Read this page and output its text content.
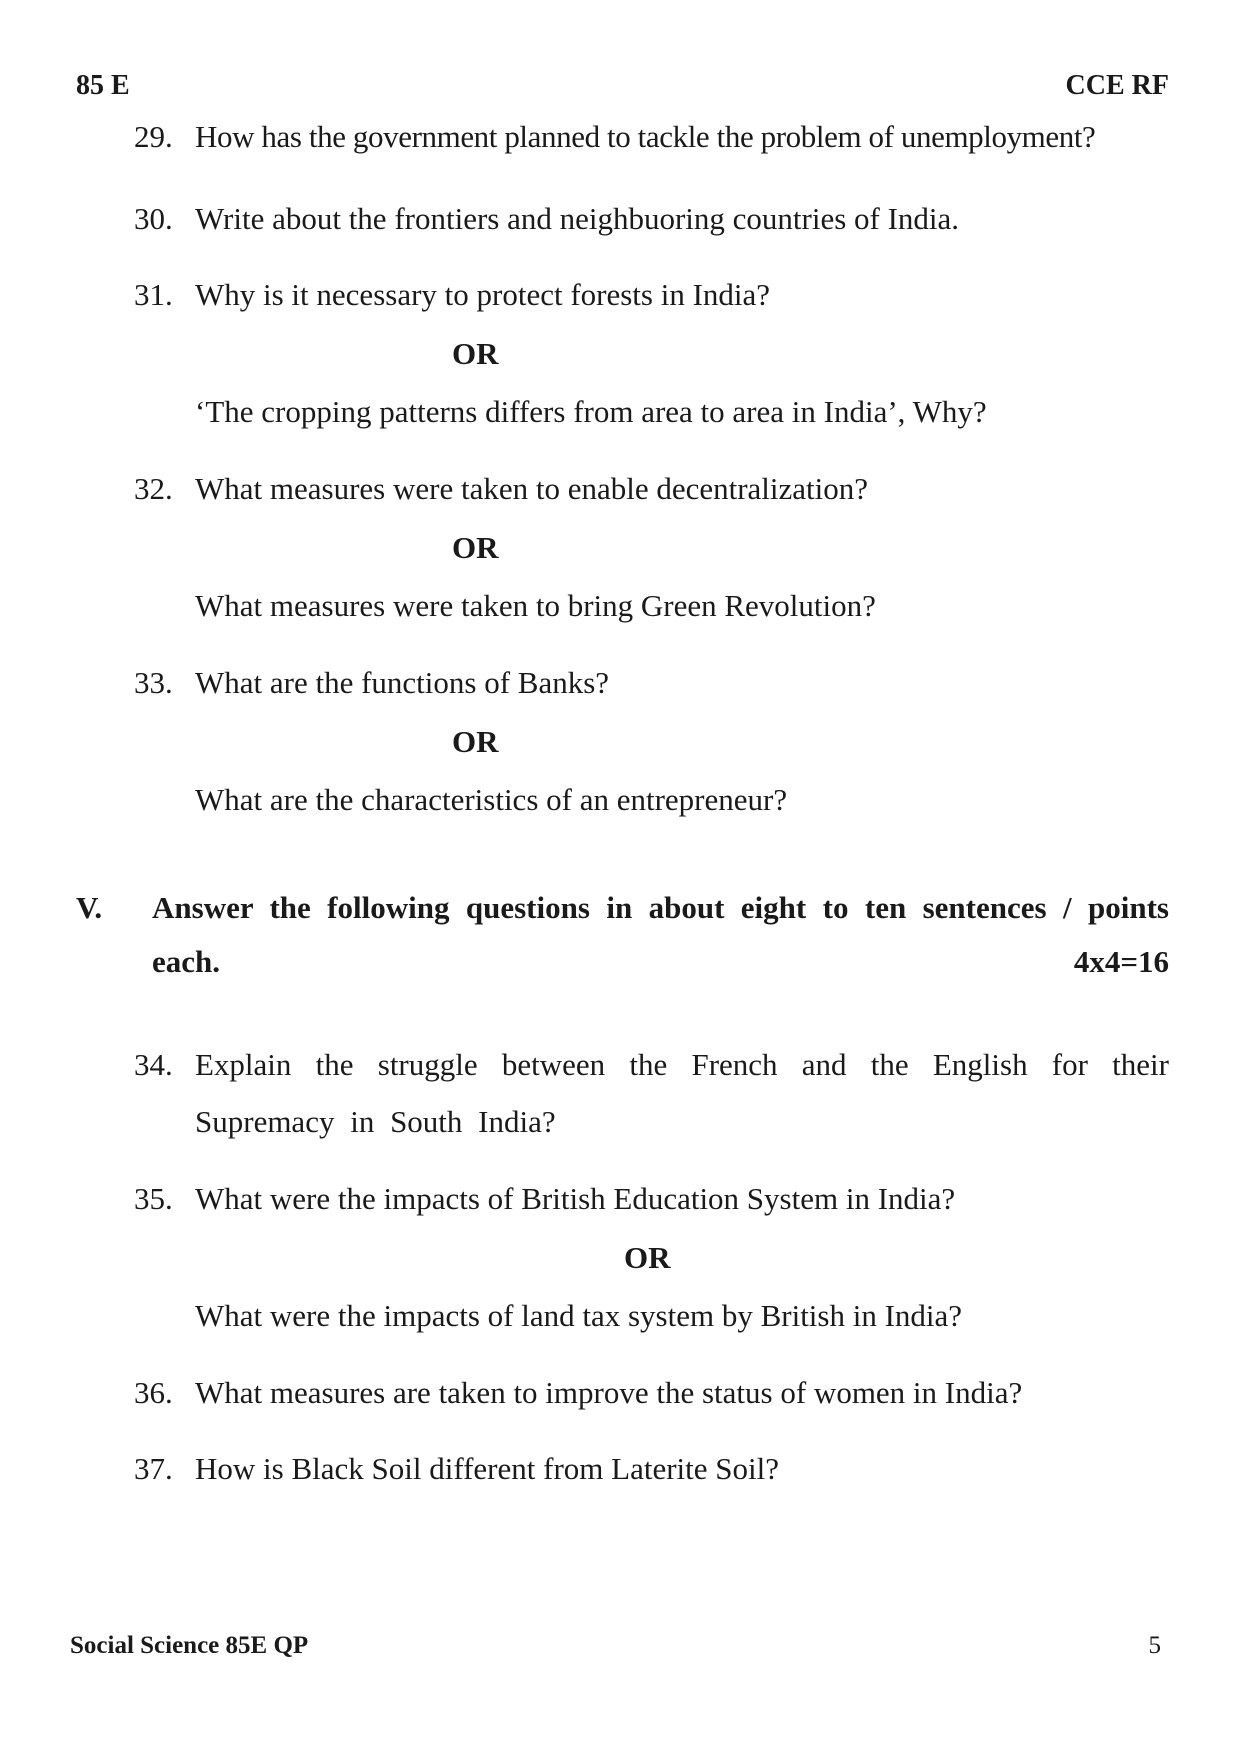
85 E	CCE RF
29. How has the government planned to tackle the problem of unemployment?
30. Write about the frontiers and neighbuoring countries of India.
31. Why is it necessary to protect forests in India?
OR
‘The cropping patterns differs from area to area in India’, Why?
32. What measures were taken to enable decentralization?
OR
What measures were taken to bring Green Revolution?
33. What are the functions of Banks?
OR
What are the characteristics of an entrepreneur?
V. Answer the following questions in about eight to ten sentences / points
each.	4x4=16
34. Explain the struggle between the French and the English for their Supremacy in South India?
35. What were the impacts of British Education System in India?
OR
What were the impacts of land tax system by British in India?
36. What measures are taken to improve the status of women in India?
37. How is Black Soil different from Laterite Soil?
Social Science 85E QP	5
